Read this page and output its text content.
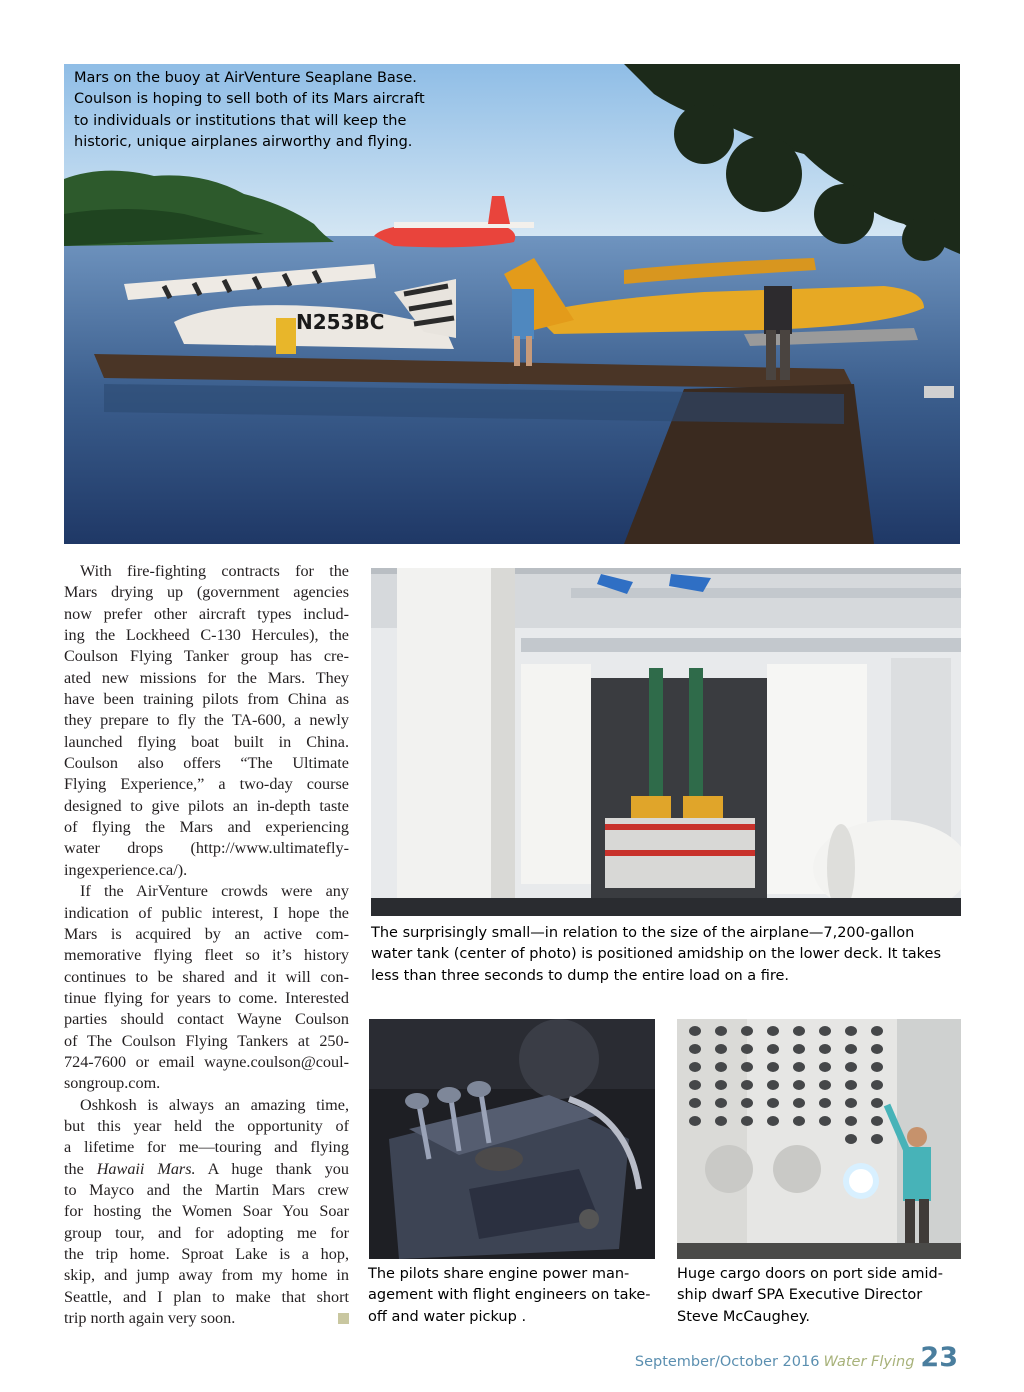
N253BC
Mars on the buoy at AirVenture Seaplane Base.
Coulson is hoping to sell both of its Mars aircraft
to individuals or institutions that will keep the
historic, unique airplanes airworthy and flying.
With fire-fighting contracts for the
Mars drying up (government agencies
now prefer other aircraft types includ-
ing the Lockheed C-130 Hercules), the
Coulson Flying Tanker group has cre-
ated new missions for the Mars. They
have been training pilots from China as
they prepare to fly the TA-600, a newly
launched flying boat built in China.
Coulson also offers “The Ultimate
Flying Experience,” a two-day course
designed to give pilots an in-depth taste
of flying the Mars and experiencing
water drops (http://www.ultimatefly-
ingexperience.ca/).
If the AirVenture crowds were any
indication of public interest, I hope the
Mars is acquired by an active com-
memorative flying fleet so it’s history
continues to be shared and it will con-
tinue flying for years to come. Interested
parties should contact Wayne Coulson
of The Coulson Flying Tankers at 250-
724-7600 or email wayne.coulson@coul-
songroup.com.
Oshkosh is always an amazing time,
but this year held the opportunity of
a lifetime for me—touring and flying
the Hawaii Mars. A huge thank you
to Mayco and the Martin Mars crew
for hosting the Women Soar You Soar
group tour, and for adopting me for
the trip home. Sproat Lake is a hop,
skip, and jump away from my home in
Seattle, and I plan to make that short
trip north again very soon.
The surprisingly small—in relation to the size of the airplane—7,200-gallon
water tank (center of photo) is positioned amidship on the lower deck. It takes
less than three seconds to dump the entire load on a fire.
The pilots share engine power man-
agement with flight engineers on take-
off and water pickup .
Huge cargo doors on port side amid-
ship dwarf SPA Executive Director
Steve McCaughey.
September/October 2016 Water Flying 23
